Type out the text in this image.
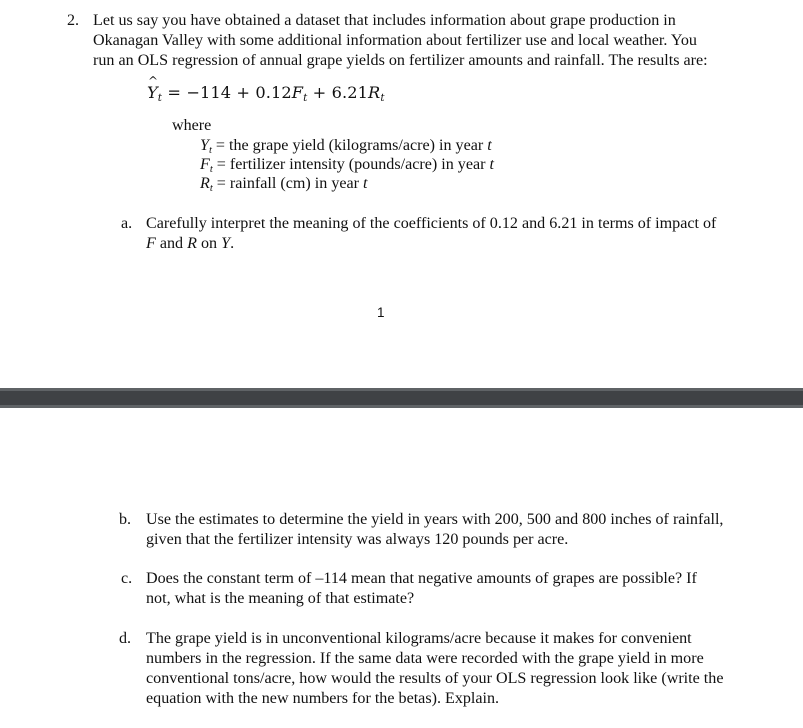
2. Let us say you have obtained a dataset that includes information about grape production in
Okanagan Valley with some additional information about fertilizer use and local weather. You
run an OLS regression of annual grape yields on fertilizer amounts and rainfall. The results are:
^ $Y_t = -114 + 0.12F_t + 6.21R_t$
where
$Y_t$ = the grape yield (kilograms/acre) in year t
$F_t$ = fertilizer intensity (pounds/acre) in year t
$R_t$ = rainfall (cm) in year t
a. Carefully interpret the meaning of the coefficients of 0.12 and 6.21 in terms of impact of
F and R on Y.
1
b. Use the estimates to determine the yield in years with 200, 500 and 800 inches of rainfall,
given that the fertilizer intensity was always 120 pounds per acre.
c. Does the constant term of –114 mean that negative amounts of grapes are possible? If
not, what is the meaning of that estimate?
d. The grape yield is in unconventional kilograms/acre because it makes for convenient
numbers in the regression. If the same data were recorded with the grape yield in more
conventional tons/acre, how would the results of your OLS regression look like (write the
equation with the new numbers for the betas). Explain.
